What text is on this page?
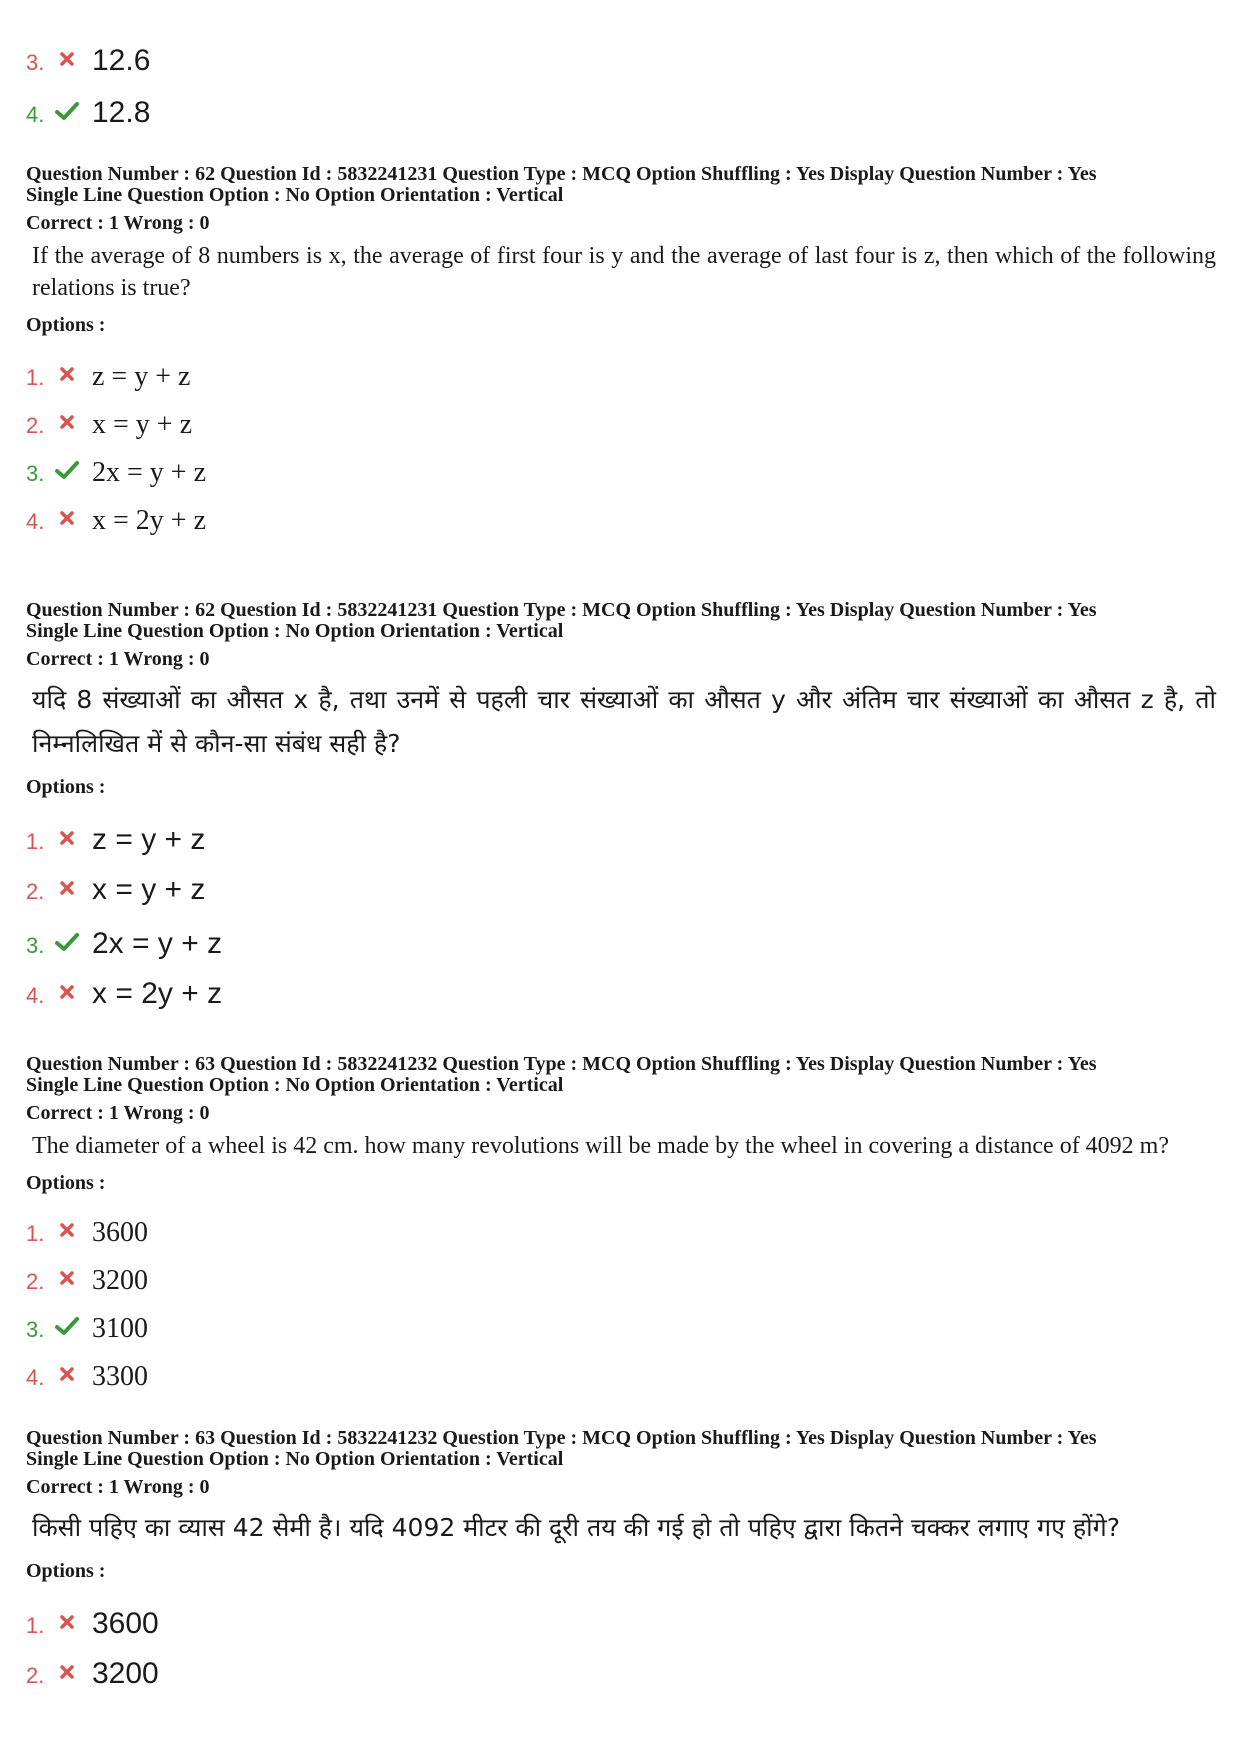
3.	12.6
4.	12.8

Question Number : 62 Question Id : 5832241231 Question Type : MCQ Option Shuffling : Yes Display Question Number : Yes

Single Line Question Option : No Option Orientation : Vertical

Correct : 1 Wrong : 0

If the average of 8 numbers is x, the average of first four is y and the average of last four is z, then which of the following relations is true?

Options :

1.	z = y + z
2.	x = y + z
3.	2x = y + z
4.	x = 2y + z

Question Number : 62 Question Id : 5832241231 Question Type : MCQ Option Shuffling : Yes Display Question Number : Yes

Single Line Question Option : No Option Orientation : Vertical

Correct : 1 Wrong : 0

यदि 8 संख्याओं का औसत x है, तथा उनमें से पहली चार संख्याओं का औसत y और अंतिम चार संख्याओं का औसत z है, तो निम्नलिखित में से कौन-सा संबंध सही है?

Options :

1.	z = y + z
2.	x = y + z
3.	2x = y + z
4.	x = 2y + z

Question Number : 63 Question Id : 5832241232 Question Type : MCQ Option Shuffling : Yes Display Question Number : Yes

Single Line Question Option : No Option Orientation : Vertical

Correct : 1 Wrong : 0

The diameter of a wheel is 42 cm. how many revolutions will be made by the wheel in covering a distance of 4092 m?

Options :

1.	3600
2.	3200
3.	3100
4.	3300

Question Number : 63 Question Id : 5832241232 Question Type : MCQ Option Shuffling : Yes Display Question Number : Yes

Single Line Question Option : No Option Orientation : Vertical

Correct : 1 Wrong : 0

किसी पहिए का व्यास 42 सेमी है। यदि 4092 मीटर की दूरी तय की गई हो तो पहिए द्वारा कितने चक्कर लगाए गए होंगे?

Options :

1.	3600
2.	3200
